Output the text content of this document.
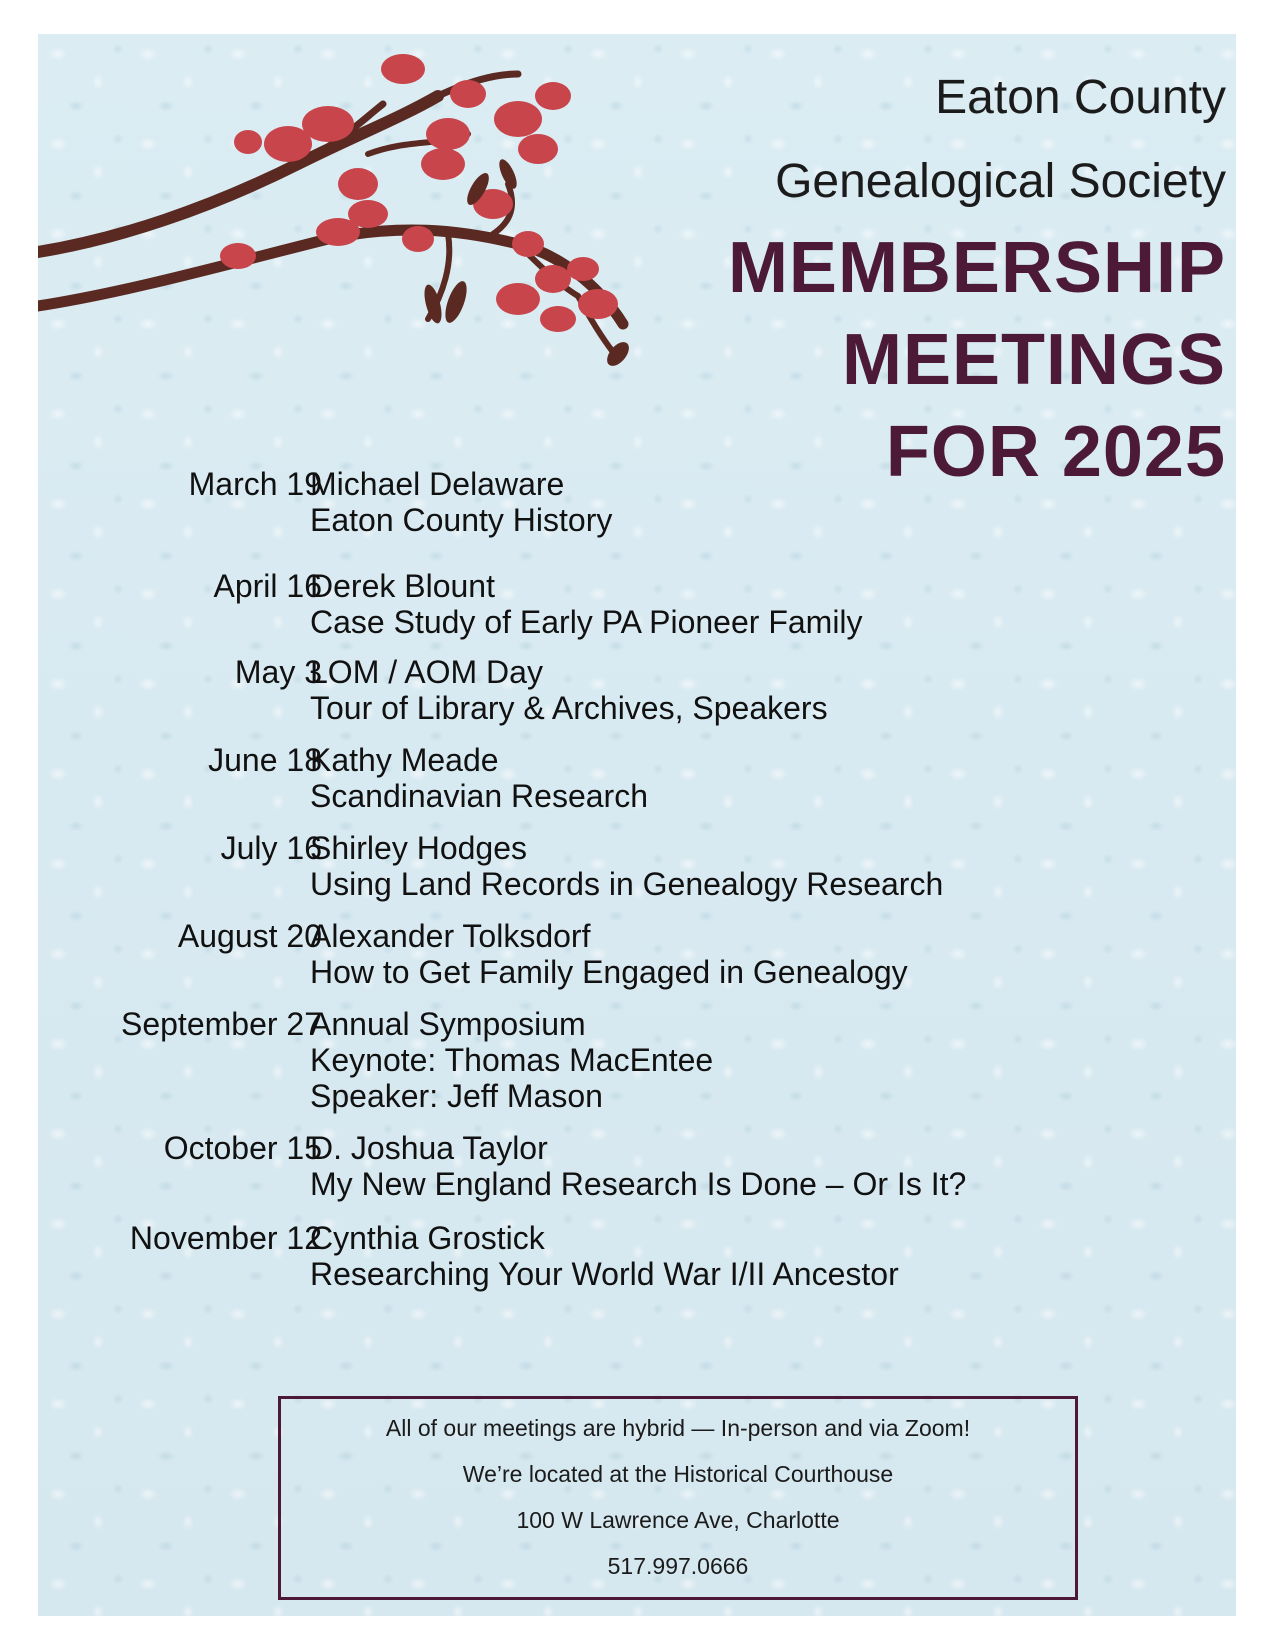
Eaton County
Genealogical Society
MEMBERSHIP
MEETINGS
FOR 2025
March 19
Michael Delaware
Eaton County History
April 16
Derek Blount
Case Study of Early PA Pioneer Family
May 3
LOM / AOM Day
Tour of Library & Archives, Speakers
June 18
Kathy Meade
Scandinavian Research
July 16
Shirley Hodges
Using Land Records in Genealogy Research
August 20
Alexander Tolksdorf
How to Get Family Engaged in Genealogy
September 27
Annual Symposium
Keynote: Thomas MacEntee
Speaker: Jeff Mason
October 15
D. Joshua Taylor
My New England Research Is Done – Or Is It?
November 12
Cynthia Grostick
Researching Your World War I/II Ancestor
All of our meetings are hybrid — In-person and via Zoom!
We’re located at the Historical Courthouse
100 W Lawrence Ave, Charlotte
517.997.0666
